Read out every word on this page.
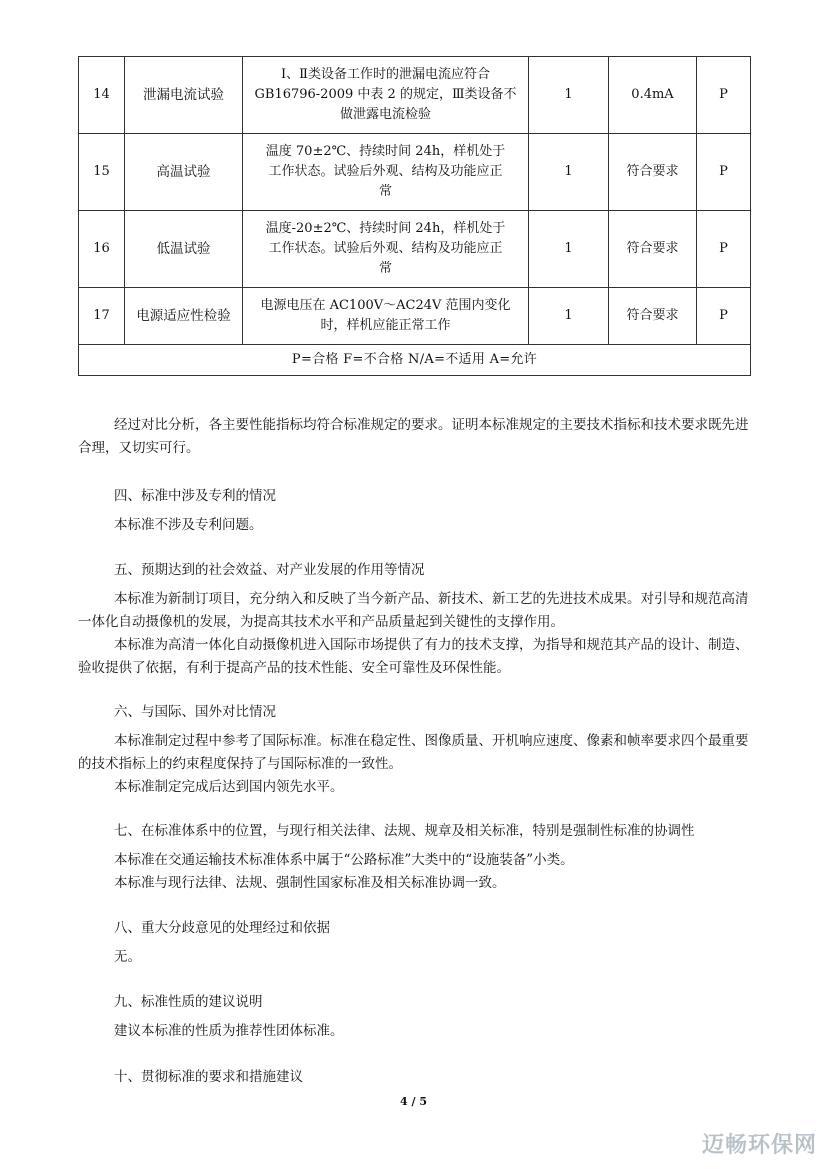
14	泄漏电流试验	Ⅰ、Ⅱ类设备工作时的泄漏电流应符合
GB16796-2009 中表 2 的规定，Ⅲ类设备不
做泄露电流检验	1	0.4mA	P
15	高温试验	温度 70±2℃、持续时间 24h，样机处于
工作状态。试验后外观、结构及功能应正
常	1	符合要求	P
16	低温试验	温度-20±2℃、持续时间 24h，样机处于
工作状态。试验后外观、结构及功能应正
常	1	符合要求	P
17	电源适应性检验	电源电压在 AC100V～AC24V 范围内变化
时，样机应能正常工作	1	符合要求	P
P=合格 F=不合格 N/A=不适用 A=允许					
经过对比分析，各主要性能指标均符合标准规定的要求。证明本标准规定的主要技术指标和技术要求既先进合理，又切实可行。
四、标准中涉及专利的情况
本标准不涉及专利问题。
五、预期达到的社会效益、对产业发展的作用等情况
本标准为新制订项目，充分纳入和反映了当今新产品、新技术、新工艺的先进技术成果。对引导和规范高清一体化自动摄像机的发展，为提高其技术水平和产品质量起到关键性的支撑作用。
本标准为高清一体化自动摄像机进入国际市场提供了有力的技术支撑，为指导和规范其产品的设计、制造、验收提供了依据，有利于提高产品的技术性能、安全可靠性及环保性能。
六、与国际、国外对比情况
本标准制定过程中参考了国际标准。标准在稳定性、图像质量、开机响应速度、像素和帧率要求四个最重要的技术指标上的约束程度保持了与国际标准的一致性。
本标准制定完成后达到国内领先水平。
七、在标准体系中的位置，与现行相关法律、法规、规章及相关标准，特别是强制性标准的协调性
本标准在交通运输技术标准体系中属于“公路标准”大类中的“设施装备”小类。
本标准与现行法律、法规、强制性国家标准及相关标准协调一致。
八、重大分歧意见的处理经过和依据
无。
九、标准性质的建议说明
建议本标准的性质为推荐性团体标准。
十、贯彻标准的要求和措施建议
4 / 5
迈畅环保网
